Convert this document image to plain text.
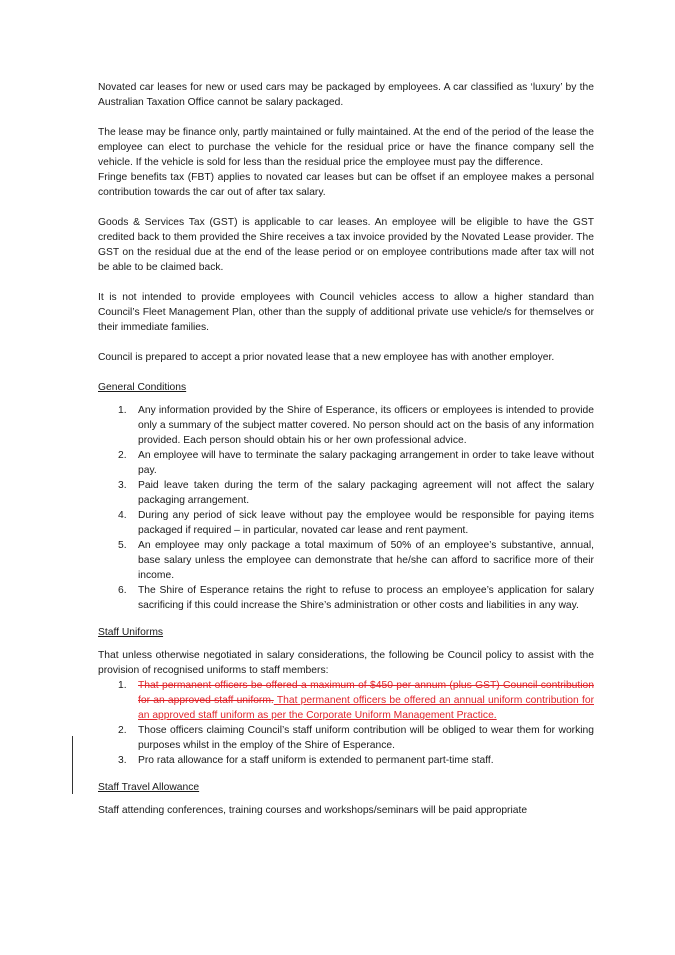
Novated car leases for new or used cars may be packaged by employees. A car classified as ‘luxury’ by the Australian Taxation Office cannot be salary packaged.

The lease may be finance only, partly maintained or fully maintained. At the end of the period of the lease the employee can elect to purchase the vehicle for the residual price or have the finance company sell the vehicle. If the vehicle is sold for less than the residual price the employee must pay the difference.

Fringe benefits tax (FBT) applies to novated car leases but can be offset if an employee makes a personal contribution towards the car out of after tax salary.

Goods & Services Tax (GST) is applicable to car leases. An employee will be eligible to have the GST credited back to them provided the Shire receives a tax invoice provided by the Novated Lease provider. The GST on the residual due at the end of the lease period or on employee contributions made after tax will not be able to be claimed back.

It is not intended to provide employees with Council vehicles access to allow a higher standard than Council’s Fleet Management Plan, other than the supply of additional private use vehicle/s for themselves or their immediate families.

Council is prepared to accept a prior novated lease that a new employee has with another employer.

General Conditions
1. Any information provided by the Shire of Esperance, its officers or employees is intended to provide only a summary of the subject matter covered. No person should act on the basis of any information provided. Each person should obtain his or her own professional advice.
2. An employee will have to terminate the salary packaging arrangement in order to take leave without pay.
3. Paid leave taken during the term of the salary packaging agreement will not affect the salary packaging arrangement.
4. During any period of sick leave without pay the employee would be responsible for paying items packaged if required – in particular, novated car lease and rent payment.
5. An employee may only package a total maximum of 50% of an employee’s substantive, annual, base salary unless the employee can demonstrate that he/she can afford to sacrifice more of their income.
6. The Shire of Esperance retains the right to refuse to process an employee’s application for salary sacrificing if this could increase the Shire’s administration or other costs and liabilities in any way.
Staff Uniforms

That unless otherwise negotiated in salary considerations, the following be Council policy to assist with the provision of recognised uniforms to staff members:

1. That permanent officers be offered a maximum of $450 per annum (plus GST) Council contribution for an approved staff uniform. That permanent officers be offered an annual uniform contribution for an approved staff uniform as per the Corporate Uniform Management Practice.
2. Those officers claiming Council’s staff uniform contribution will be obliged to wear them for working purposes whilst in the employ of the Shire of Esperance.
3. Pro rata allowance for a staff uniform is extended to permanent part-time staff.
Staff Travel Allowance

Staff attending conferences, training courses and workshops/seminars will be paid appropriate
